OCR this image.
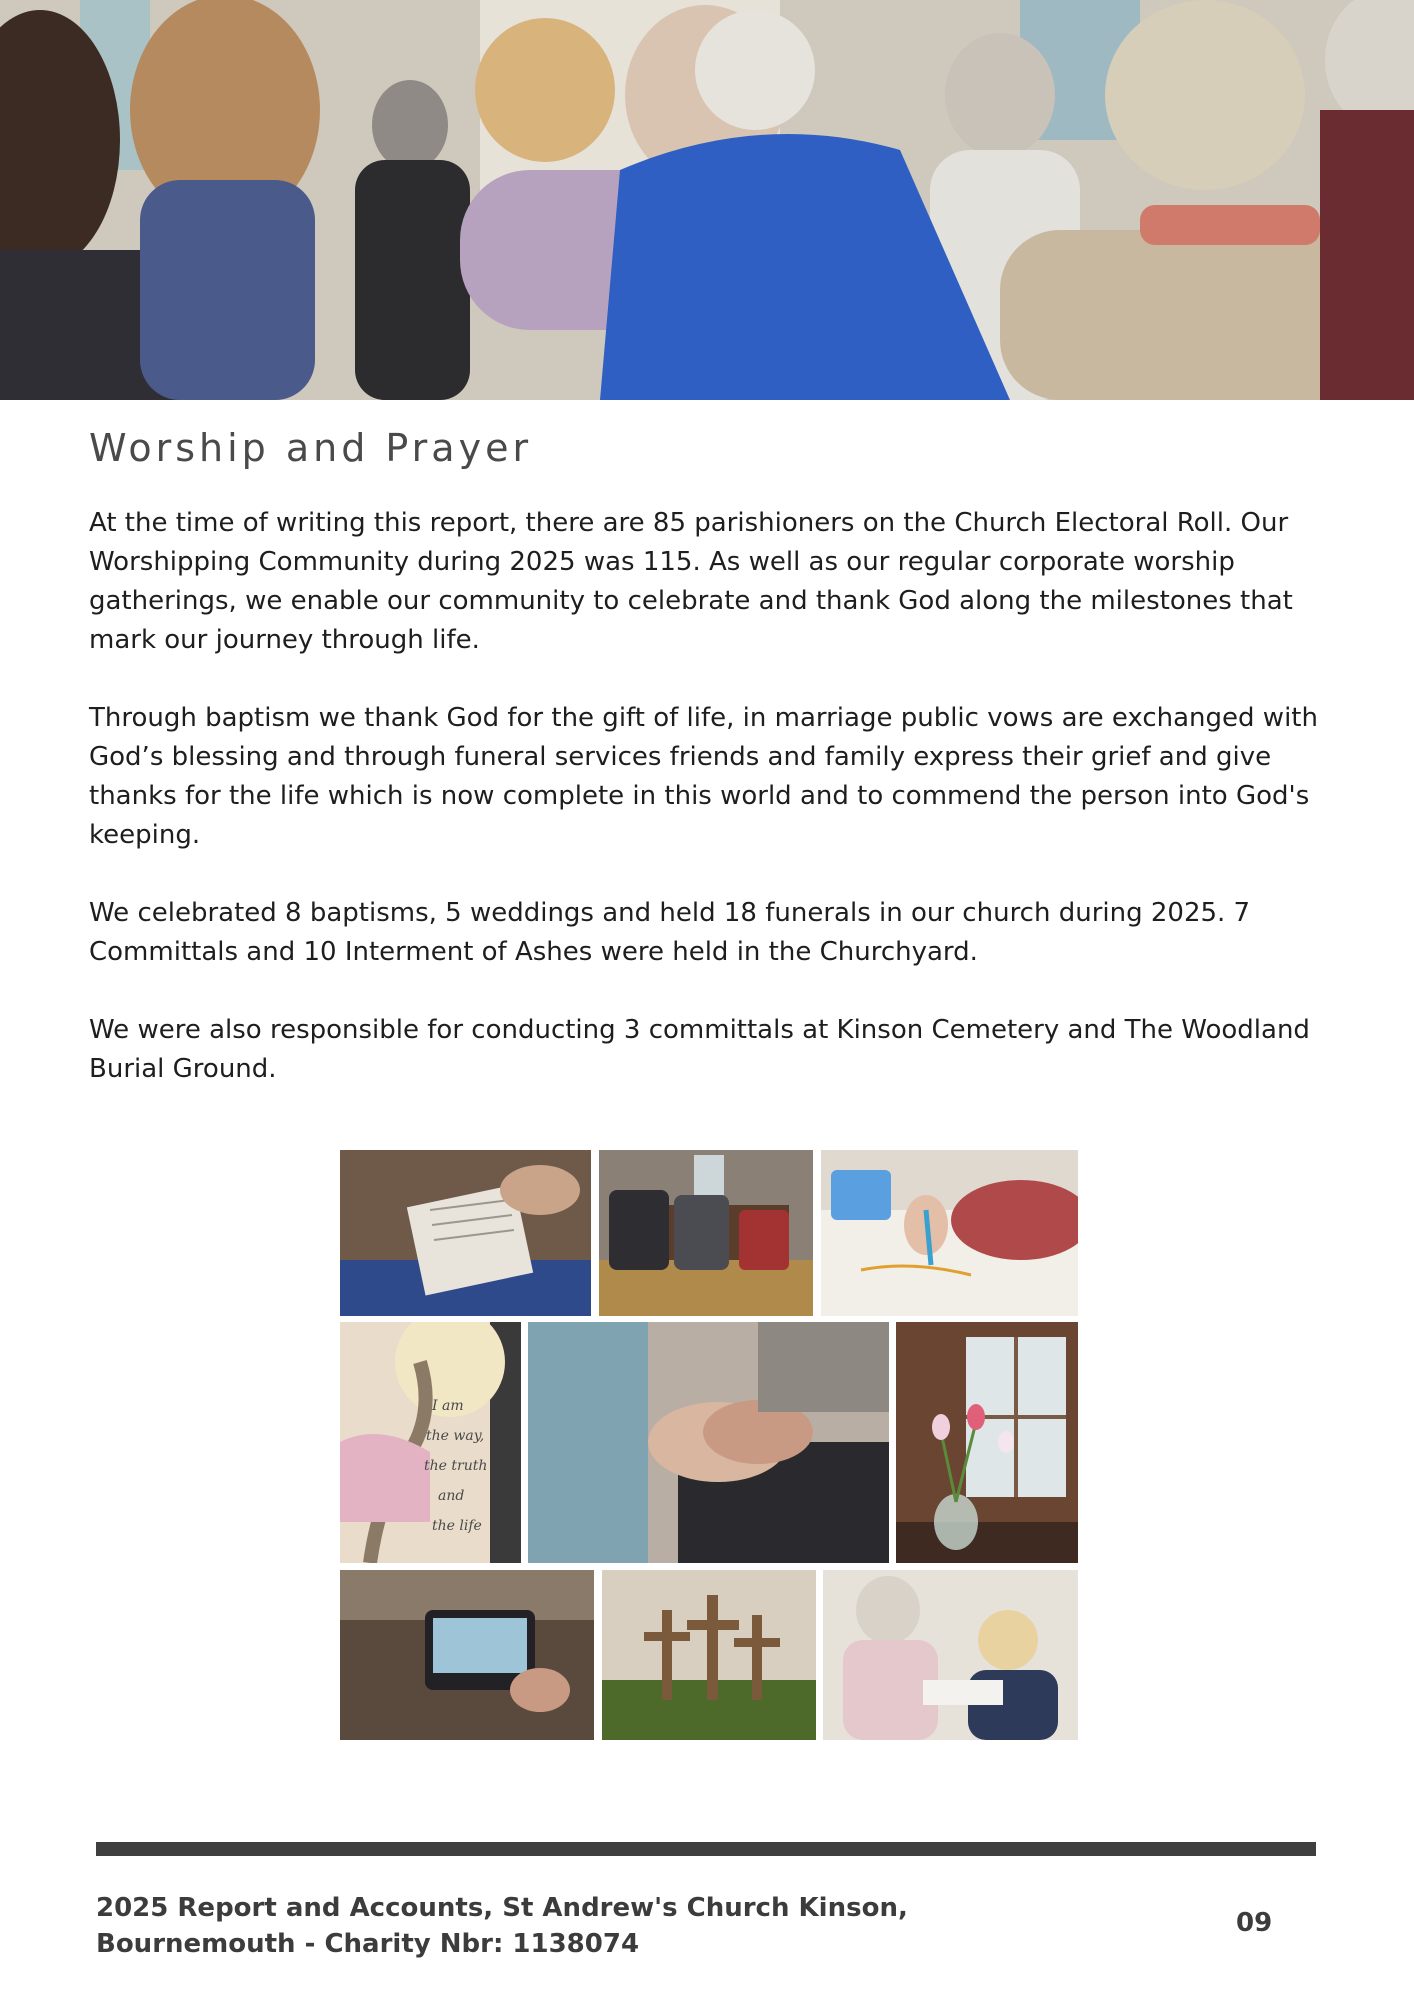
Worship and Prayer

At the time of writing this report, there are 85 parishioners on the Church Electoral Roll. Our Worshipping Community during 2025 was 115. As well as our regular corporate worship gatherings, we enable our community to celebrate and thank God along the milestones that mark our journey through life.

Through baptism we thank God for the gift of life, in marriage public vows are exchanged with God’s blessing and through funeral services friends and family express their grief and give thanks for the life which is now complete in this world and to commend the person into God's keeping.

We celebrated 8 baptisms, 5 weddings and held 18 funerals in our church during 2025. 7 Committals and 10 Interment of Ashes were held in the Churchyard.

We were also responsible for conducting 3 committals at Kinson Cemetery and The Woodland Burial Ground.

I am
the way,
the truth
and
the life
2025 Report and Accounts, St Andrew's Church Kinson,
Bournemouth - Charity Nbr: 1138074
09
